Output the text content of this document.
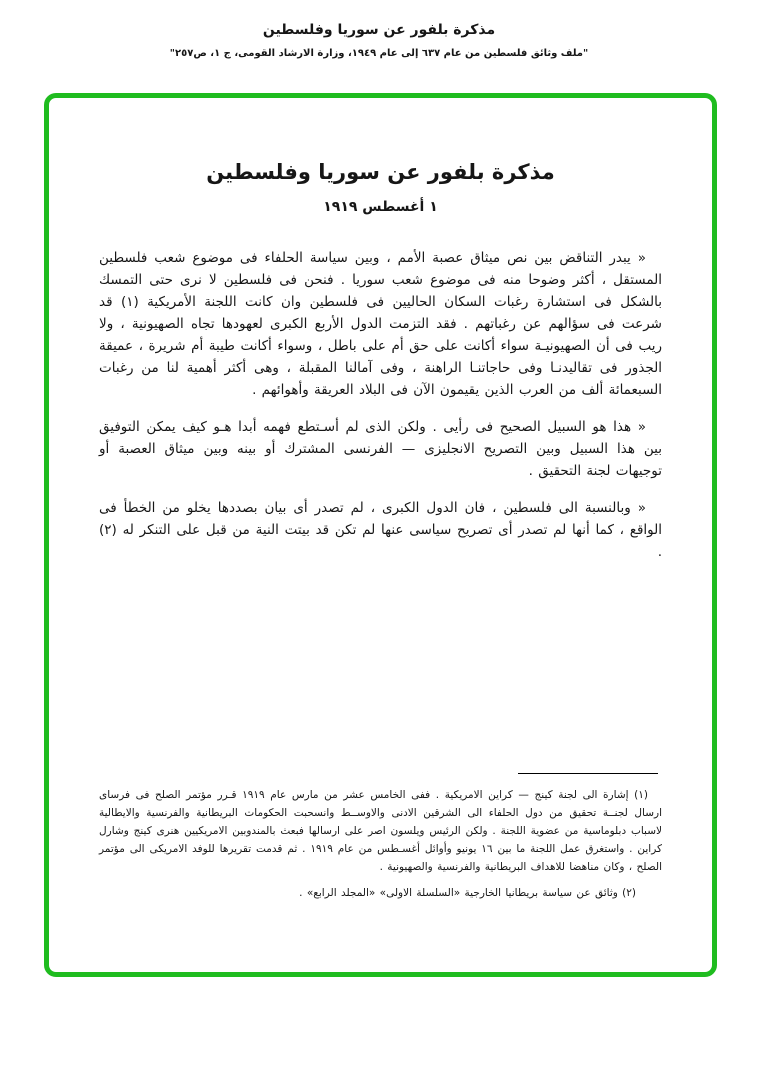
مذكرة بلفور عن سوريا وفلسطين
"ملف وثائق فلسطين من عام ٦٣٧ إلى عام ١٩٤٩، وزارة الارشاد القومى، ج ١، ص٢٥٧"
مذكرة بلفور عن سوريا وفلسطين
١ أغسطس ١٩١٩

« يبدر التناقض بين نص ميثاق عصبة الأمم ، وبين سياسة الحلفاء فى موضوع شعب فلسطين المستقل ، أكثر وضوحا منه فى موضوع شعب سوريا . فنحن فى فلسطين لا نرى حتى التمسك بالشكل فى استشارة رغبات السكان الحاليين فى فلسطين وان كانت اللجنة الأمريكية (١) قد شرعت فى سؤالهم عن رغباتهم . فقد التزمت الدول الأربع الكبرى لعهودها تجاه الصهيونية ، ولا ريب فى أن الصهيونيـة سواء أكانت على حق أم على باطل ، وسواء أكانت طيبة أم شريرة ، عميقة الجذور فى تقاليدنـا وفى حاجاتنـا الراهنة ، وفى آمالنا المقبلة ، وهى أكثر أهمية لنا من رغبات السبعمائة ألف من العرب الذين يقيمون الآن فى البلاد العريقة وأهوائهم .

« هذا هو السبيل الصحيح فى رأيى . ولكن الذى لم أسـتطع فهمه أبدا هـو كيف يمكن التوفيق بين هذا السبيل وبين التصريح الانجليزى — الفرنسى المشترك أو بينه وبين ميثاق العصبة أو توجيهات لجنة التحقيق .

« وبالنسبة الى فلسطين ، فان الدول الكبرى ، لم تصدر أى بيان بصددها يخلو من الخطأ فى الواقع ، كما أنها لم تصدر أى تصريح سياسى عنها لم تكن قد بيتت النية من قبل على التنكر له (٢) .

(١) إشارة الى لجنة كينج — كراين الامريكية . ففى الخامس عشر من مارس عام ١٩١٩ قـرر مؤتمر الصلح فى فرساى ارسال لجنــة تحقيق من دول الحلفاء الى الشرقين الادنى والاوســط وانسحبت الحكومات البريطانية والفرنسية والايطالية لاسباب دبلوماسية من عضوية اللجنة . ولكن الرئيس ويلسون اصر على ارسالها فبعث بالمندوبين الامريكيين هنرى كينج وشارل كراين . واستغرق عمل اللجنة ما بين ١٦ يونيو وأوائل أغسـطس من عام ١٩١٩ . ثم قدمت تقريرها للوفد الامريكى الى مؤتمر الصلح ، وكان مناهضا للاهداف البريطانية والفرنسية والصهيونية .

(٢) وثائق عن سياسة بريطانيا الخارجية «السلسلة الاولى» «المجلد الرابع» .
